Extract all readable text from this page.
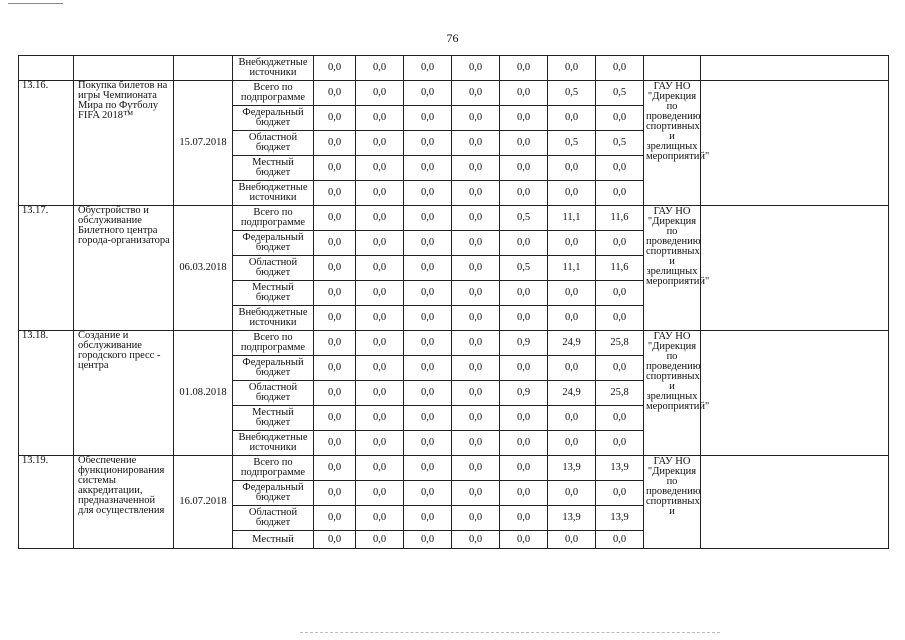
76
			Внебюджетные источники	0,0	0,0	0,0	0,0	0,0	0,0	0,0		
13.16.	Покупка билетов на игры Чемпионата Мира по Футболу FIFA 2018™	15.07.2018	Всего по подпрограмме	0,0	0,0	0,0	0,0	0,0	0,5	0,5	ГАУ НО "Дирекция по проведению спортивных и зрелищных мероприятий"	
			Федеральный бюджет	0,0	0,0	0,0	0,0	0,0	0,0	0,0		
			Областной бюджет	0,0	0,0	0,0	0,0	0,0	0,5	0,5		
			Местный бюджет	0,0	0,0	0,0	0,0	0,0	0,0	0,0		
			Внебюджетные источники	0,0	0,0	0,0	0,0	0,0	0,0	0,0		
13.17.	Обустройство и обслуживание Билетного центра города-организатора	06.03.2018	Всего по подпрограмме	0,0	0,0	0,0	0,0	0,5	11,1	11,6	ГАУ НО "Дирекция по проведению спортивных и зрелищных мероприятий"	
			Федеральный бюджет	0,0	0,0	0,0	0,0	0,0	0,0	0,0		
			Областной бюджет	0,0	0,0	0,0	0,0	0,5	11,1	11,6		
			Местный бюджет	0,0	0,0	0,0	0,0	0,0	0,0	0,0		
			Внебюджетные источники	0,0	0,0	0,0	0,0	0,0	0,0	0,0		
13.18.	Создание и обслуживание городского пресс - центра	01.08.2018	Всего по подпрограмме	0,0	0,0	0,0	0,0	0,9	24,9	25,8	ГАУ НО "Дирекция по проведению спортивных и зрелищных мероприятий"	
			Федеральный бюджет	0,0	0,0	0,0	0,0	0,0	0,0	0,0		
			Областной бюджет	0,0	0,0	0,0	0,0	0,9	24,9	25,8		
			Местный бюджет	0,0	0,0	0,0	0,0	0,0	0,0	0,0		
			Внебюджетные источники	0,0	0,0	0,0	0,0	0,0	0,0	0,0		
13.19.	Обеспечение функционирования системы аккредитации, предназначенной для осуществления	16.07.2018	Всего по подпрограмме	0,0	0,0	0,0	0,0	0,0	13,9	13,9	ГАУ НО "Дирекция по проведению спортивных и	
			Федеральный бюджет	0,0	0,0	0,0	0,0	0,0	0,0	0,0		
			Областной бюджет	0,0	0,0	0,0	0,0	0,0	13,9	13,9		
			Местный	0,0	0,0	0,0	0,0	0,0	0,0	0,0		
